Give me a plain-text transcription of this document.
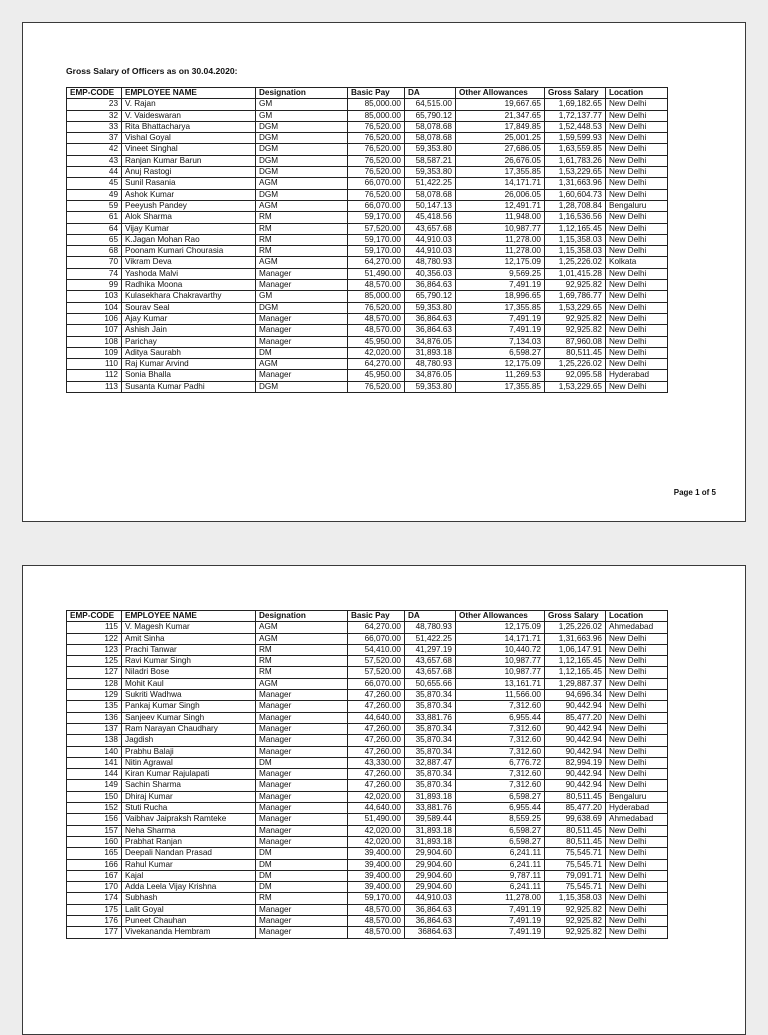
Gross Salary of Officers as on 30.04.2020:

EMP-CODE	EMPLOYEE NAME	Designation	Basic Pay	DA	Other Allowances	Gross Salary	Location
23	V. Rajan	GM	85,000.00	64,515.00	19,667.65	1,69,182.65	New Delhi
32	V. Vaideswaran	GM	85,000.00	65,790.12	21,347.65	1,72,137.77	New Delhi
33	Rita Bhattacharya	DGM	76,520.00	58,078.68	17,849.85	1,52,448.53	New Delhi
37	Vishal Goyal	DGM	76,520.00	58,078.68	25,001.25	1,59,599.93	New Delhi
42	Vineet Singhal	DGM	76,520.00	59,353.80	27,686.05	1,63,559.85	New Delhi
43	Ranjan Kumar Barun	DGM	76,520.00	58,587.21	26,676.05	1,61,783.26	New Delhi
44	Anuj Rastogi	DGM	76,520.00	59,353.80	17,355.85	1,53,229.65	New Delhi
45	Sunil Rasania	AGM	66,070.00	51,422.25	14,171.71	1,31,663.96	New Delhi
49	Ashok Kumar	DGM	76,520.00	58,078.68	26,006.05	1,60,604.73	New Delhi
59	Peeyush Pandey	AGM	66,070.00	50,147.13	12,491.71	1,28,708.84	Bengaluru
61	Alok Sharma	RM	59,170.00	45,418.56	11,948.00	1,16,536.56	New Delhi
64	Vijay Kumar	RM	57,520.00	43,657.68	10,987.77	1,12,165.45	New Delhi
65	K.Jagan Mohan Rao	RM	59,170.00	44,910.03	11,278.00	1,15,358.03	New Delhi
68	Poonam Kumari Chourasia	RM	59,170.00	44,910.03	11,278.00	1,15,358.03	New Delhi
70	Vikram Deva	AGM	64,270.00	48,780.93	12,175.09	1,25,226.02	Kolkata
74	Yashoda Malvi	Manager	51,490.00	40,356.03	9,569.25	1,01,415.28	New Delhi
99	Radhika Moona	Manager	48,570.00	36,864.63	7,491.19	92,925.82	New Delhi
103	Kulasekhara Chakravarthy	GM	85,000.00	65,790.12	18,996.65	1,69,786.77	New Delhi
104	Sourav Seal	DGM	76,520.00	59,353.80	17,355.85	1,53,229.65	New Delhi
106	Ajay Kumar	Manager	48,570.00	36,864.63	7,491.19	92,925.82	New Delhi
107	Ashish Jain	Manager	48,570.00	36,864.63	7,491.19	92,925.82	New Delhi
108	Parichay	Manager	45,950.00	34,876.05	7,134.03	87,960.08	New Delhi
109	Aditya Saurabh	DM	42,020.00	31,893.18	6,598.27	80,511.45	New Delhi
110	Raj Kumar Arvind	AGM	64,270.00	48,780.93	12,175.09	1,25,226.02	New Delhi
112	Sonia Bhalla	Manager	45,950.00	34,876.05	11,269.53	92,095.58	Hyderabad
113	Susanta Kumar Padhi	DGM	76,520.00	59,353.80	17,355.85	1,53,229.65	New Delhi
Page 1 of 5
EMP-CODE	EMPLOYEE NAME	Designation	Basic Pay	DA	Other Allowances	Gross Salary	Location
115	V. Magesh Kumar	AGM	64,270.00	48,780.93	12,175.09	1,25,226.02	Ahmedabad
122	Amit Sinha	AGM	66,070.00	51,422.25	14,171.71	1,31,663.96	New Delhi
123	Prachi Tanwar	RM	54,410.00	41,297.19	10,440.72	1,06,147.91	New Delhi
125	Ravi Kumar Singh	RM	57,520.00	43,657.68	10,987.77	1,12,165.45	New Delhi
127	Niladri Bose	RM	57,520.00	43,657.68	10,987.77	1,12,165.45	New Delhi
128	Mohit Kaul	AGM	66,070.00	50,655.66	13,161.71	1,29,887.37	New Delhi
129	Sukriti Wadhwa	Manager	47,260.00	35,870.34	11,566.00	94,696.34	New Delhi
135	Pankaj Kumar Singh	Manager	47,260.00	35,870.34	7,312.60	90,442.94	New Delhi
136	Sanjeev Kumar Singh	Manager	44,640.00	33,881.76	6,955.44	85,477.20	New Delhi
137	Ram Narayan Chaudhary	Manager	47,260.00	35,870.34	7,312.60	90,442.94	New Delhi
138	Jagdish	Manager	47,260.00	35,870.34	7,312.60	90,442.94	New Delhi
140	Prabhu Balaji	Manager	47,260.00	35,870.34	7,312.60	90,442.94	New Delhi
141	Nitin Agrawal	DM	43,330.00	32,887.47	6,776.72	82,994.19	New Delhi
144	Kiran Kumar Rajulapati	Manager	47,260.00	35,870.34	7,312.60	90,442.94	New Delhi
149	Sachin Sharma	Manager	47,260.00	35,870.34	7,312.60	90,442.94	New Delhi
150	Dhiraj Kumar	Manager	42,020.00	31,893.18	6,598.27	80,511.45	Bengaluru
152	Stuti Rucha	Manager	44,640.00	33,881.76	6,955.44	85,477.20	Hyderabad
156	Vaibhav Jaipraksh Ramteke	Manager	51,490.00	39,589.44	8,559.25	99,638.69	Ahmedabad
157	Neha Sharma	Manager	42,020.00	31,893.18	6,598.27	80,511.45	New Delhi
160	Prabhat Ranjan	Manager	42,020.00	31,893.18	6,598.27	80,511.45	New Delhi
165	Deepali Nandan Prasad	DM	39,400.00	29,904.60	6,241.11	75,545.71	New Delhi
166	Rahul Kumar	DM	39,400.00	29,904.60	6,241.11	75,545.71	New Delhi
167	Kajal	DM	39,400.00	29,904.60	9,787.11	79,091.71	New Delhi
170	Adda Leela Vijay Krishna	DM	39,400.00	29,904.60	6,241.11	75,545.71	New Delhi
174	Subhash	RM	59,170.00	44,910.03	11,278.00	1,15,358.03	New Delhi
175	Lalit Goyal	Manager	48,570.00	36,864.63	7,491.19	92,925.82	New Delhi
176	Puneet Chauhan	Manager	48,570.00	36,864.63	7,491.19	92,925.82	New Delhi
177	Vivekananda Hembram	Manager	48,570.00	36864.63	7,491.19	92,925.82	New Delhi
